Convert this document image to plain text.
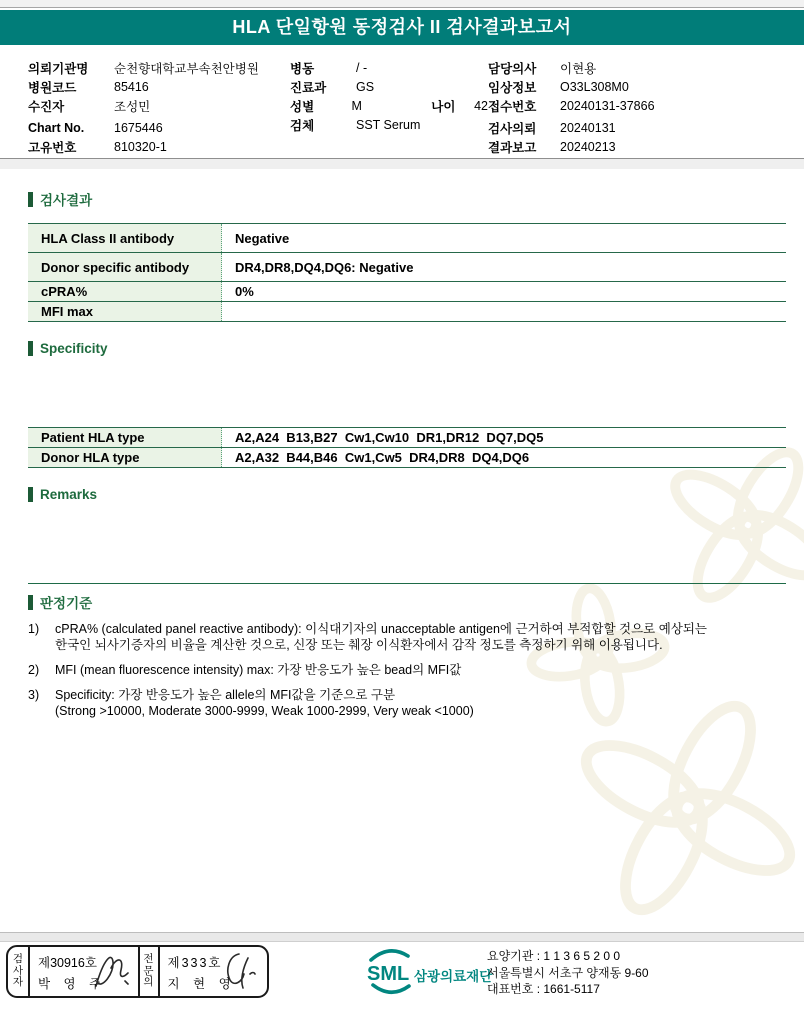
HLA 단일항원 동정검사 II 검사결과보고서
의뢰기관명	순천향대학교부속천안병원
병원코드	85416
수진자	조성민
Chart No.	1675446
고유번호	810320-1
병동	/ -
진료과	GS
성별	M	나이	42
검체	SST Serum
담당의사	이현용
임상정보	O33L308M0
접수번호	20240131-37866
검사의뢰	20240131
결과보고	20240213
검사결과
HLA Class II antibody	Negative
Donor specific antibody	DR4,DR8,DQ4,DQ6: Negative
cPRA%	0%
MFI max
Specificity
Patient HLA type	A2,A24  B13,B27  Cw1,Cw10  DR1,DR12  DQ7,DQ5
Donor HLA type	A2,A32  B44,B46  Cw1,Cw5  DR4,DR8  DQ4,DQ6
Remarks
판정기준
1)	cPRA% (calculated panel reactive antibody): 이식대기자의 unacceptable antigen에 근거하여 부적합할 것으로 예상되는
한국인 뇌사기증자의 비율을 계산한 것으로, 신장 또는 췌장 이식환자에서 감작 정도를 측정하기 위해 이용됩니다.
2)	MFI (mean fluorescence intensity) max: 가장 반응도가 높은 bead의 MFI값
3)	Specificity: 가장 반응도가 높은 allele의 MFI값을 기준으로 구분
(Strong >10000, Moderate 3000-9999, Weak 1000-2999, Very weak <1000)
검사자
제30916호
박 영 주
전문의
제333호
지 현 영	SML 삼광의료재단
요양기관 : 1 1 3 6 5 2 0 0
서울특별시 서초구 양재동 9-60
대표번호 : 1661-5117
